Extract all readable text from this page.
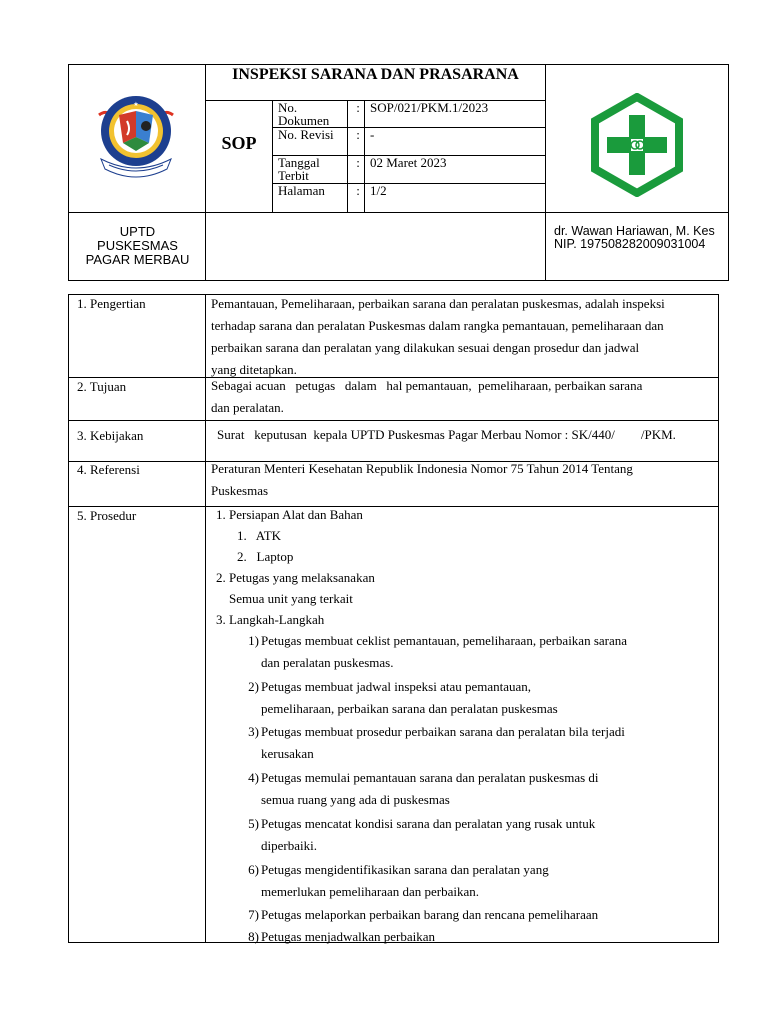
★
INSPEKSI SARANA DAN PRASARANA
SOP
No. Dokumen
: SOP/021/PKM.1/2023
No. Revisi	: -
Tanggal Terbit
: 02 Maret 2023
Halaman	: 1/2
UPTD
PUSKESMAS
PAGAR MERBAU
dr. Wawan Hariawan, M. Kes
NIP. 197508282009031004
1. Pengertian	Pemantauan, Pemeliharaan, perbaikan sarana dan peralatan puskesmas, adalah inspeksi
terhadap sarana dan peralatan Puskesmas dalam rangka pemantauan, pemeliharaan dan
perbaikan sarana dan peralatan yang dilakukan sesuai dengan prosedur dan jadwal
yang ditetapkan.
2. Tujuan	Sebagai acuan   petugas   dalam   hal pemantauan,  pemeliharaan, perbaikan sarana
dan peralatan.
3. Kebijakan	Surat   keputusan  kepala UPTD Puskesmas Pagar Merbau Nomor : SK/440/        /PKM.
4. Referensi	Peraturan Menteri Kesehatan Republik Indonesia Nomor 75 Tahun 2014 Tentang
Puskesmas
5. Prosedur	1. Persiapan Alat dan Bahan
1.   ATK
2.   Laptop
2. Petugas yang melaksanakan
Semua unit yang terkait
3. Langkah-Langkah
1) Petugas membuat ceklist pemantauan, pemeliharaan, perbaikan sarana
dan peralatan puskesmas.
2) Petugas membuat jadwal inspeksi atau pemantauan,
pemeliharaan, perbaikan sarana dan peralatan puskesmas
3) Petugas membuat prosedur perbaikan sarana dan peralatan bila terjadi
kerusakan
4) Petugas memulai pemantauan sarana dan peralatan puskesmas di
semua ruang yang ada di puskesmas
5) Petugas mencatat kondisi sarana dan peralatan yang rusak untuk
diperbaiki.
6) Petugas mengidentifikasikan sarana dan peralatan yang
memerlukan pemeliharaan dan perbaikan.
7) Petugas melaporkan perbaikan barang dan rencana pemeliharaan
8) Petugas menjadwalkan perbaikan
